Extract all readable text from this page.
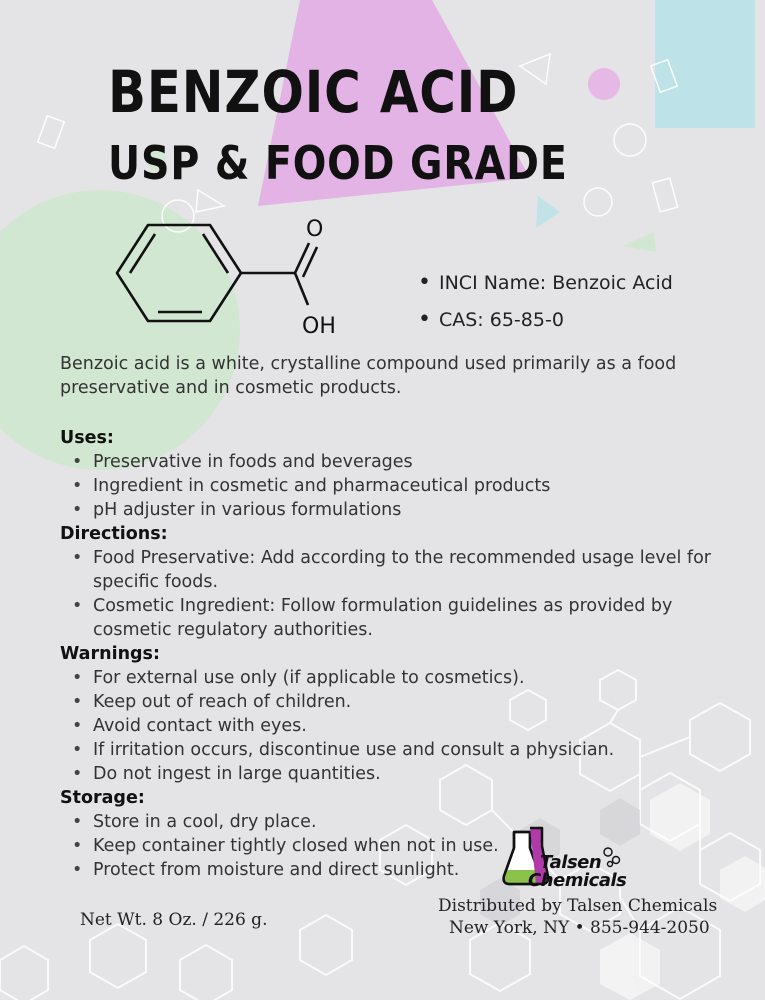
BENZOIC ACID
USP & FOOD GRADE
O
OH
• INCI Name: Benzoic Acid
• CAS: 65-85-0
Benzoic acid is a white, crystalline compound used primarily as a food preservative and in cosmetic products.
Uses:
• Preservative in foods and beverages
• Ingredient in cosmetic and pharmaceutical products
• pH adjuster in various formulations
Directions:
• Food Preservative: Add according to the recommended usage level for specific foods.
• Cosmetic Ingredient: Follow formulation guidelines as provided by cosmetic regulatory authorities.
Warnings:
• For external use only (if applicable to cosmetics).
• Keep out of reach of children.
• Avoid contact with eyes.
• If irritation occurs, discontinue use and consult a physician.
• Do not ingest in large quantities.
Storage:
• Store in a cool, dry place.
• Keep container tightly closed when not in use.
• Protect from moisture and direct sunlight.	Talsen
Chemicals
Net Wt. 8 Oz. / 226 g.
Distributed by Talsen Chemicals
New York, NY • 855-944-2050
